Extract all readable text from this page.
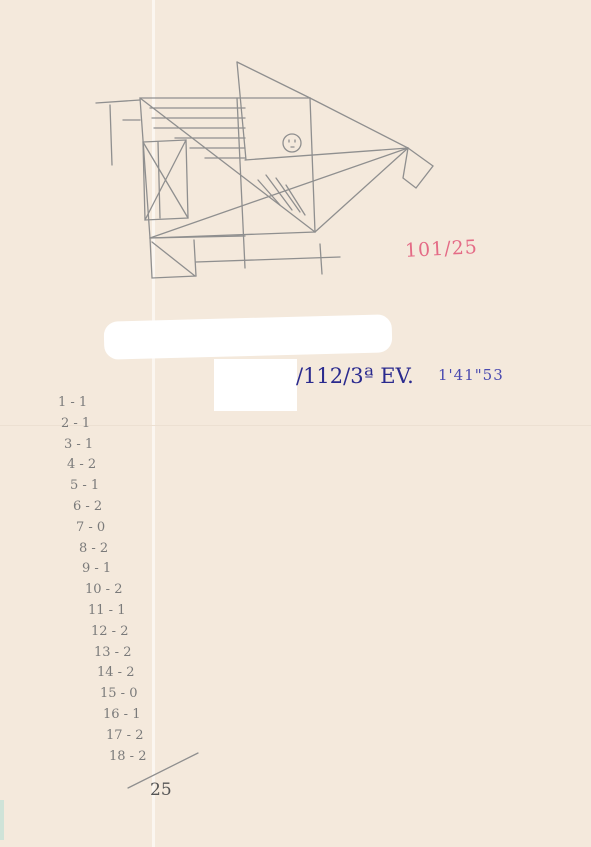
101/25
/112/3ª EV. 1'41"53
1 - 1
2 - 1
3 - 1
4 - 2
5 - 1
6 - 2
7 - 0
8 - 2
9 - 1
10 - 2
11 - 1
12 - 2
13 - 2
14 - 2
15 - 0
16 - 1
17 - 2
18 - 2
25
